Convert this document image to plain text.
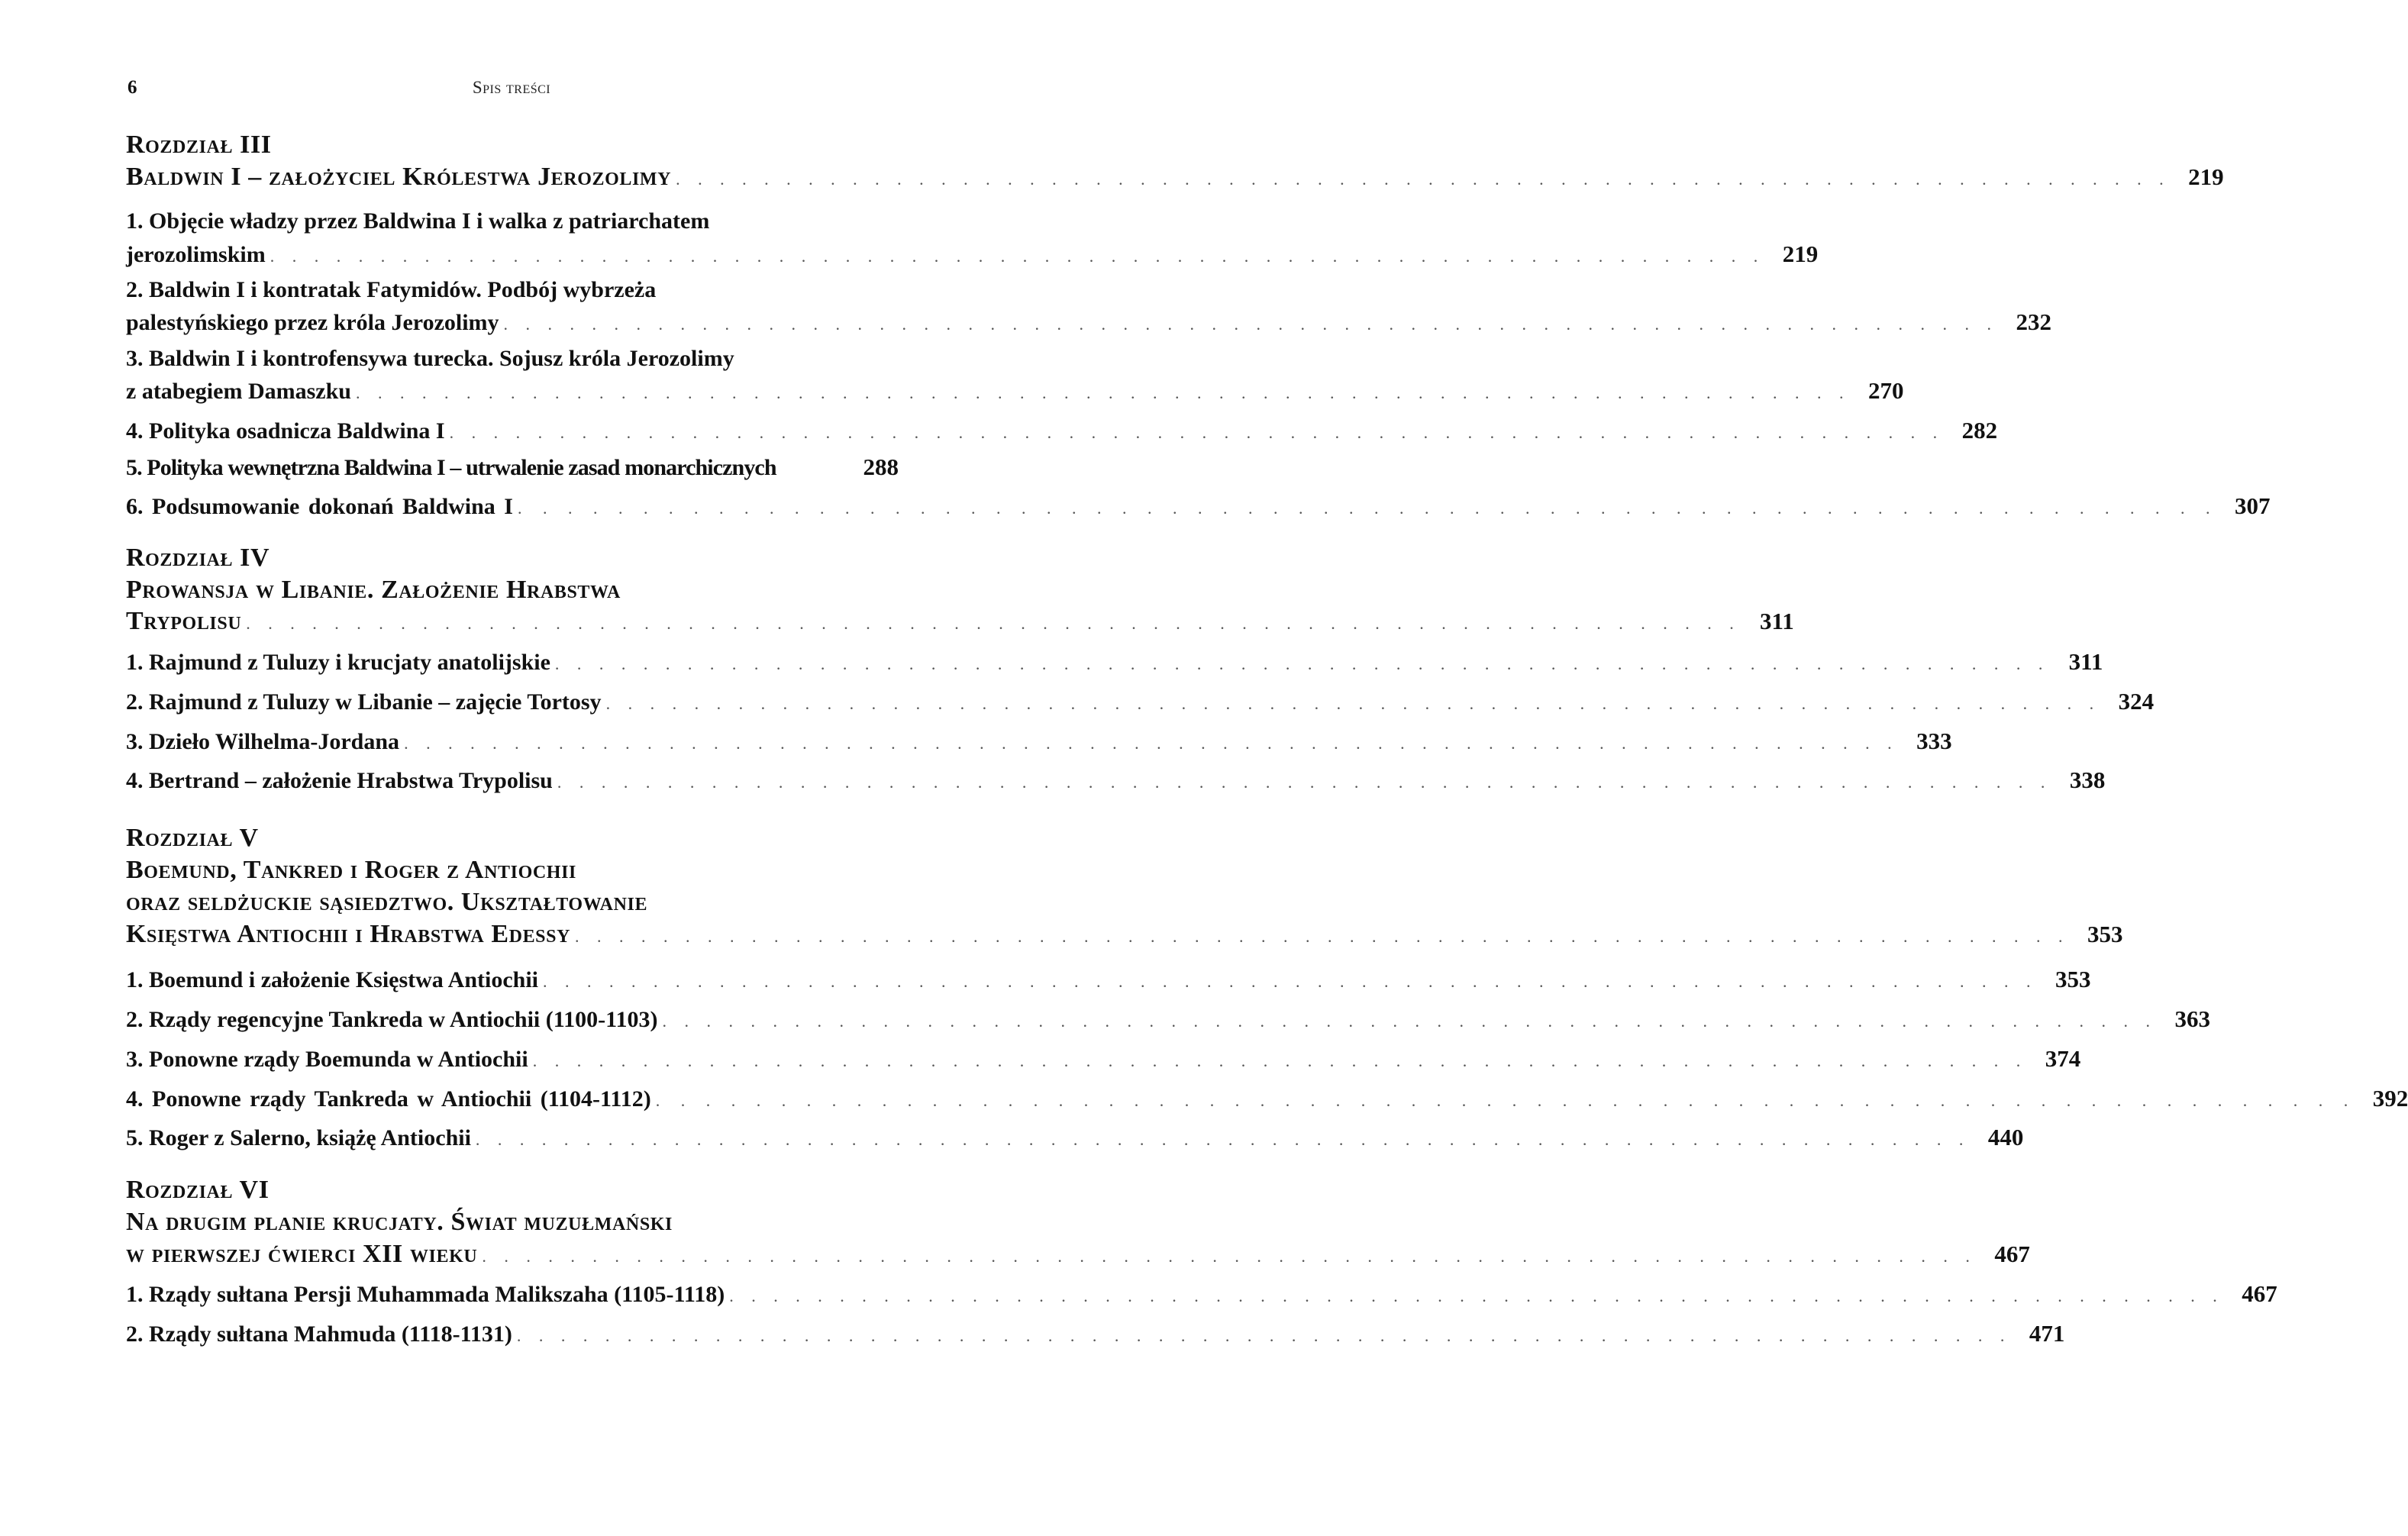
6	Spis treści
Rozdział III
Baldwin I – założyciel Królestwa Jerozolimy . . . . . . . . . . . . . . . . . . . . . . . . . . . . . . . . . . . . . . . . . . . . . . . . . . . . . . . . . . . . . . . . . . . . 219
1. Objęcie władzy przez Baldwina I i walka z patriarchatem
jerozolimskim . . . . . . . . . . . . . . . . . . . . . . . . . . . . . . . . . . . . . . . . . . . . . . . . . . . . . . . . . . . . . . . . . . . . 219
2. Baldwin I i kontratak Fatymidów. Podbój wybrzeża
palestyńskiego przez króla Jerozolimy . . . . . . . . . . . . . . . . . . . . . . . . . . . . . . . . . . . . . . . . . . . . . . . . . . . . . . . . . . . . . . . . . . . . 232
3. Baldwin I i kontrofensywa turecka. Sojusz króla Jerozolimy
z atabegiem Damaszku . . . . . . . . . . . . . . . . . . . . . . . . . . . . . . . . . . . . . . . . . . . . . . . . . . . . . . . . . . . . . . . . . . . . 270
4. Polityka osadnicza Baldwina I . . . . . . . . . . . . . . . . . . . . . . . . . . . . . . . . . . . . . . . . . . . . . . . . . . . . . . . . . . . . . . . . . . . . 282
5. Polityka wewnętrzna Baldwina I – utrwalenie zasad monarchicznych	288
6. Podsumowanie dokonań Baldwina I . . . . . . . . . . . . . . . . . . . . . . . . . . . . . . . . . . . . . . . . . . . . . . . . . . . . . . . . . . . . . . . . . . . . 307
Rozdział IV
Prowansja w Libanie. Założenie Hrabstwa
Trypolisu . . . . . . . . . . . . . . . . . . . . . . . . . . . . . . . . . . . . . . . . . . . . . . . . . . . . . . . . . . . . . . . . . . . . 311
1. Rajmund z Tuluzy i krucjaty anatolijskie . . . . . . . . . . . . . . . . . . . . . . . . . . . . . . . . . . . . . . . . . . . . . . . . . . . . . . . . . . . . . . . . . . . . 311
2. Rajmund z Tuluzy w Libanie – zajęcie Tortosy . . . . . . . . . . . . . . . . . . . . . . . . . . . . . . . . . . . . . . . . . . . . . . . . . . . . . . . . . . . . . . . . . . . . 324
3. Dzieło Wilhelma-Jordana . . . . . . . . . . . . . . . . . . . . . . . . . . . . . . . . . . . . . . . . . . . . . . . . . . . . . . . . . . . . . . . . . . . . 333
4. Bertrand – założenie Hrabstwa Trypolisu . . . . . . . . . . . . . . . . . . . . . . . . . . . . . . . . . . . . . . . . . . . . . . . . . . . . . . . . . . . . . . . . . . . . 338
Rozdział V
Boemund, Tankred i Roger z Antiochii
oraz seldżuckie sąsiedztwo. Ukształtowanie
Księstwa Antiochii i Hrabstwa Edessy . . . . . . . . . . . . . . . . . . . . . . . . . . . . . . . . . . . . . . . . . . . . . . . . . . . . . . . . . . . . . . . . . . . . 353
1. Boemund i założenie Księstwa Antiochii . . . . . . . . . . . . . . . . . . . . . . . . . . . . . . . . . . . . . . . . . . . . . . . . . . . . . . . . . . . . . . . . . . . . 353
2. Rządy regencyjne Tankreda w Antiochii (1100-1103) . . . . . . . . . . . . . . . . . . . . . . . . . . . . . . . . . . . . . . . . . . . . . . . . . . . . . . . . . . . . . . . . . . . . 363
3. Ponowne rządy Boemunda w Antiochii . . . . . . . . . . . . . . . . . . . . . . . . . . . . . . . . . . . . . . . . . . . . . . . . . . . . . . . . . . . . . . . . . . . . 374
4. Ponowne rządy Tankreda w Antiochii (1104-1112) . . . . . . . . . . . . . . . . . . . . . . . . . . . . . . . . . . . . . . . . . . . . . . . . . . . . . . . . . . . . . . . . . . . . 392
5. Roger z Salerno, książę Antiochii . . . . . . . . . . . . . . . . . . . . . . . . . . . . . . . . . . . . . . . . . . . . . . . . . . . . . . . . . . . . . . . . . . . . 440
Rozdział VI
Na drugim planie krucjaty. Świat muzułmański
w pierwszej ćwierci XII wieku . . . . . . . . . . . . . . . . . . . . . . . . . . . . . . . . . . . . . . . . . . . . . . . . . . . . . . . . . . . . . . . . . . . . 467
1. Rządy sułtana Persji Muhammada Malikszaha (1105-1118) . . . . . . . . . . . . . . . . . . . . . . . . . . . . . . . . . . . . . . . . . . . . . . . . . . . . . . . . . . . . . . . . . . . . 467
2. Rządy sułtana Mahmuda (1118-1131) . . . . . . . . . . . . . . . . . . . . . . . . . . . . . . . . . . . . . . . . . . . . . . . . . . . . . . . . . . . . . . . . . . . . 471
